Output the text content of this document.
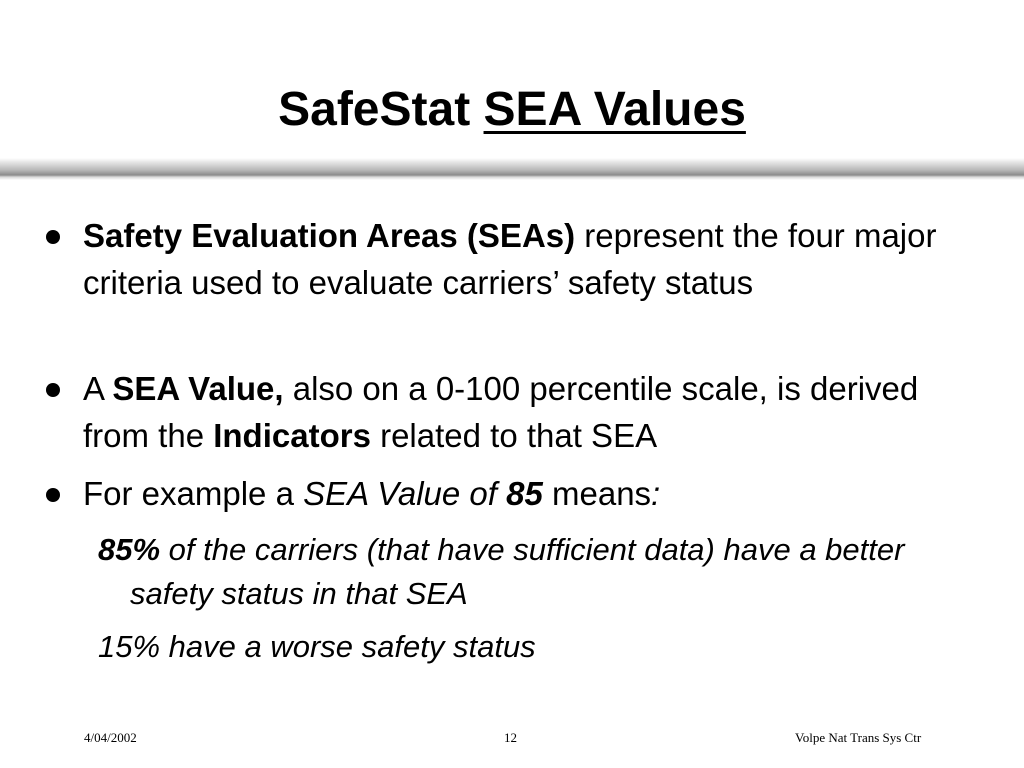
SafeStat SEA Values
Safety Evaluation Areas (SEAs) represent the four major criteria used to evaluate carriers’ safety status
A SEA Value, also on a 0-100 percentile scale, is derived from the Indicators related to that SEA
For example a SEA Value of 85 means:
85% of the carriers (that have sufficient data) have a better safety status in that SEA
15% have a worse safety status
4/04/2002	12	Volpe Nat Trans Sys Ctr
